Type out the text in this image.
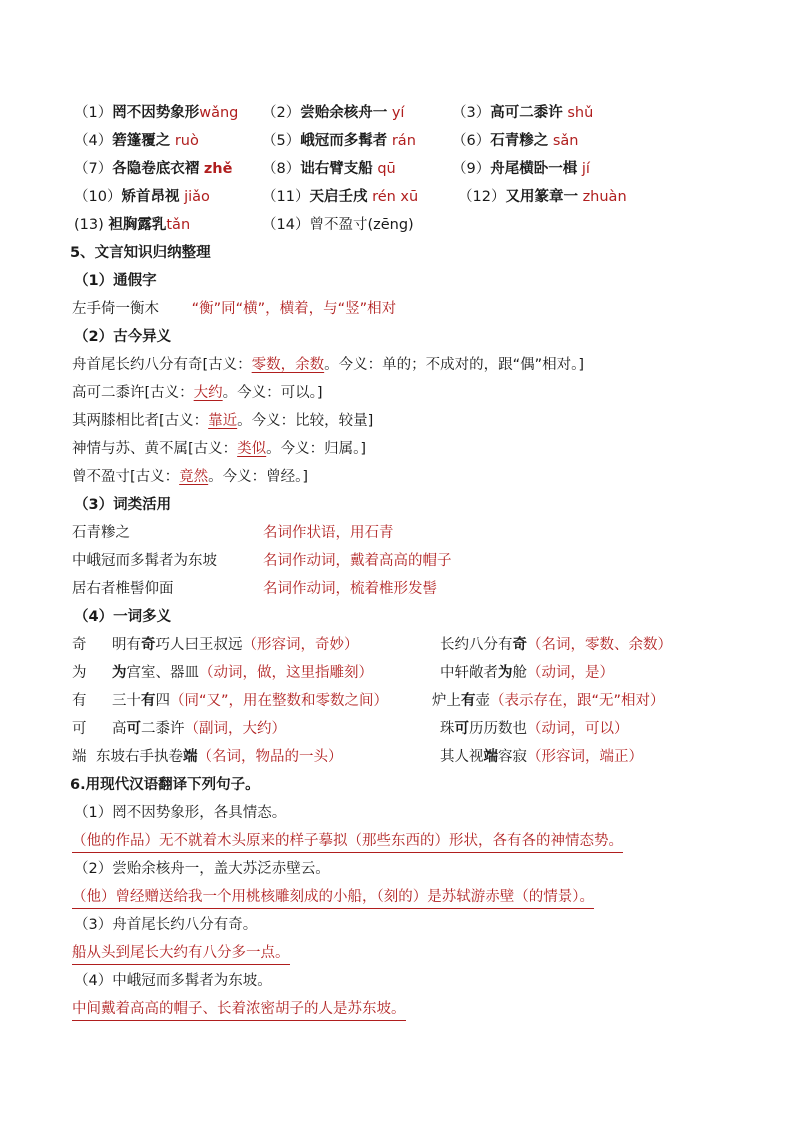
（1）罔不因势象形wǎng （2）尝贻余核舟一 yí	（3）高可二黍许 shǔ
（4）箬篷覆之 ruò	（5）峨冠而多髯者 rán （6）石青糁之 sǎn
（7）各隐卷底衣褶 zhě （8）诎右臂支船 qū	（9）舟尾横卧一楫 jí
（10）矫首昂视 jiǎo	（11）天启壬戌 rén xū	（12）又用篆章一 zhuàn
(13) 袒胸露乳tǎn	（14）曾不盈寸(zēng)
5、文言知识归纳整理
（1）通假字
左手倚一衡木 “衡”同“横”，横着，与“竖”相对
（2）古今异义
舟首尾长约八分有奇[古义：零数，余数。今义：单的；不成对的，跟“偶”相对。]
高可二黍许[古义：大约。今义：可以。]
其两膝相比者[古义：靠近。今义：比较，较量]
神情与苏、黄不属[古义：类似。今义：归属。]
曾不盈寸[古义：竟然。今义：曾经。]
（3）词类活用
石青糁之	名词作状语，用石青
中峨冠而多髯者为东坡	名词作动词，戴着高高的帽子
居右者椎髻仰面	名词作动词，梳着椎形发髻
（4）一词多义
奇 明有奇巧人曰王叔远（形容词，奇妙）	长约八分有奇（名词，零数、余数）
为 为宫室、器皿（动词，做，这里指雕刻）	中轩敞者为舱（动词，是）
有 三十有四（同“又”，用在整数和零数之间）	炉上有壶（表示存在，跟“无”相对）
可 高可二黍许（副词，大约）	珠可历历数也（动词，可以）
端 东坡右手执卷端（名词，物品的一头）	其人视端容寂（形容词，端正）
6.用现代汉语翻译下列句子。
（1）罔不因势象形，各具情态。
（他的作品）无不就着木头原来的样子摹拟（那些东西的）形状，各有各的神情态势。
（2）尝贻余核舟一，盖大苏泛赤壁云。
（他）曾经赠送给我一个用桃核雕刻成的小船，（刻的）是苏轼游赤壁（的情景）。
（3）舟首尾长约八分有奇。
船从头到尾长大约有八分多一点。
（4）中峨冠而多髯者为东坡。
中间戴着高高的帽子、长着浓密胡子的人是苏东坡。
